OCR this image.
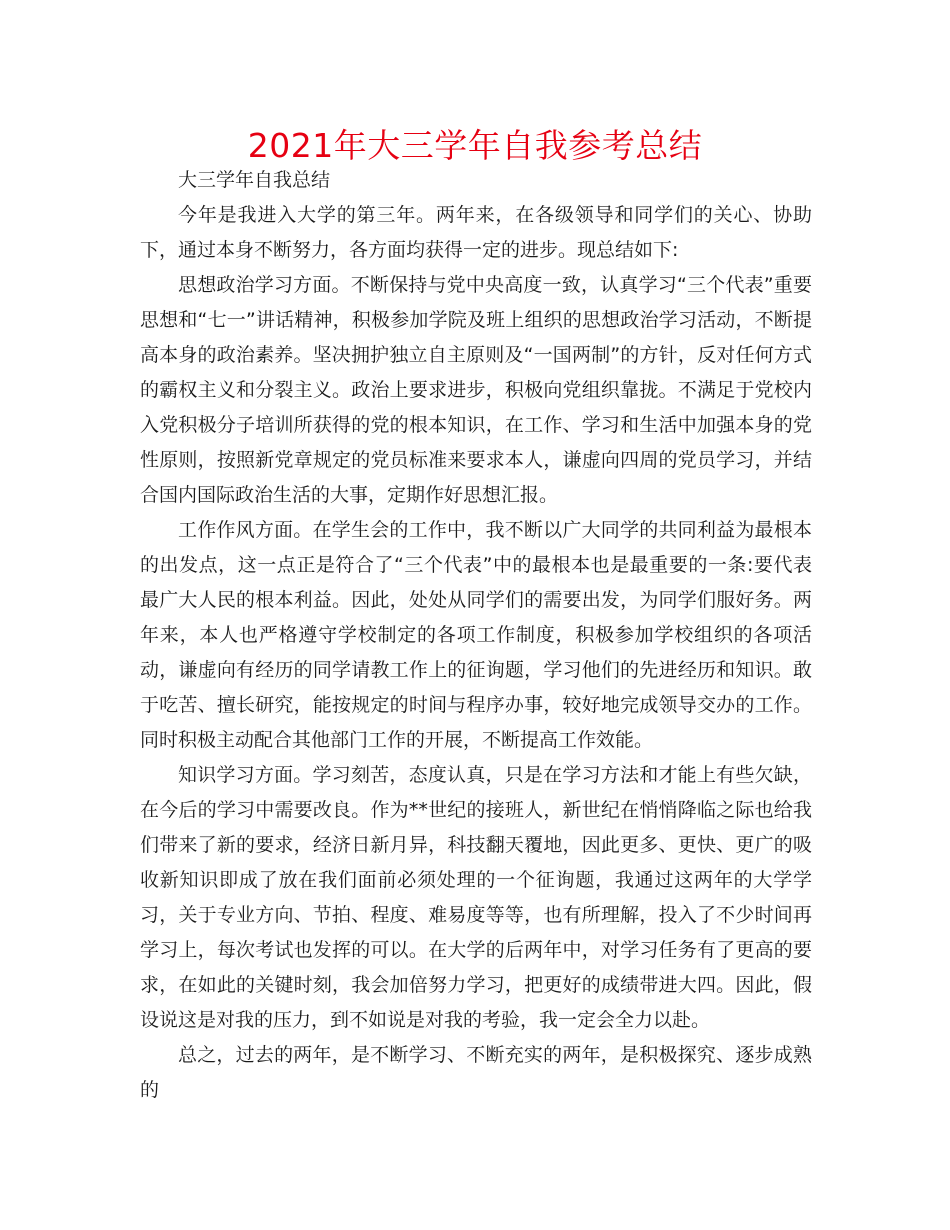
2021年大三学年自我参考总结

大三学年自我总结

今年是我进入大学的第三年。两年来，在各级领导和同学们的关心、协助下，通过本身不断努力，各方面均获得一定的进步。现总结如下:

思想政治学习方面。不断保持与党中央高度一致，认真学习“三个代表”重要思想和“七一”讲话精神，积极参加学院及班上组织的思想政治学习活动，不断提高本身的政治素养。坚决拥护独立自主原则及“一国两制”的方针，反对任何方式的霸权主义和分裂主义。政治上要求进步，积极向党组织靠拢。不满足于党校内入党积极分子培训所获得的党的根本知识，在工作、学习和生活中加强本身的党性原则，按照新党章规定的党员标准来要求本人，谦虚向四周的党员学习，并结合国内国际政治生活的大事，定期作好思想汇报。

工作作风方面。在学生会的工作中，我不断以广大同学的共同利益为最根本的出发点，这一点正是符合了“三个代表”中的最根本也是最重要的一条:要代表最广大人民的根本利益。因此，处处从同学们的需要出发，为同学们服好务。两年来，本人也严格遵守学校制定的各项工作制度，积极参加学校组织的各项活动，谦虚向有经历的同学请教工作上的征询题，学习他们的先进经历和知识。敢于吃苦、擅长研究，能按规定的时间与程序办事，较好地完成领导交办的工作。同时积极主动配合其他部门工作的开展，不断提高工作效能。

知识学习方面。学习刻苦，态度认真，只是在学习方法和才能上有些欠缺，在今后的学习中需要改良。作为**世纪的接班人，新世纪在悄悄降临之际也给我们带来了新的要求，经济日新月异，科技翻天覆地，因此更多、更快、更广的吸收新知识即成了放在我们面前必须处理的一个征询题，我通过这两年的大学学习，关于专业方向、节拍、程度、难易度等等，也有所理解，投入了不少时间再学习上，每次考试也发挥的可以。在大学的后两年中，对学习任务有了更高的要求，在如此的关键时刻，我会加倍努力学习，把更好的成绩带进大四。因此，假设说这是对我的压力，到不如说是对我的考验，我一定会全力以赴。

总之，过去的两年，是不断学习、不断充实的两年，是积极探究、逐步成熟的
